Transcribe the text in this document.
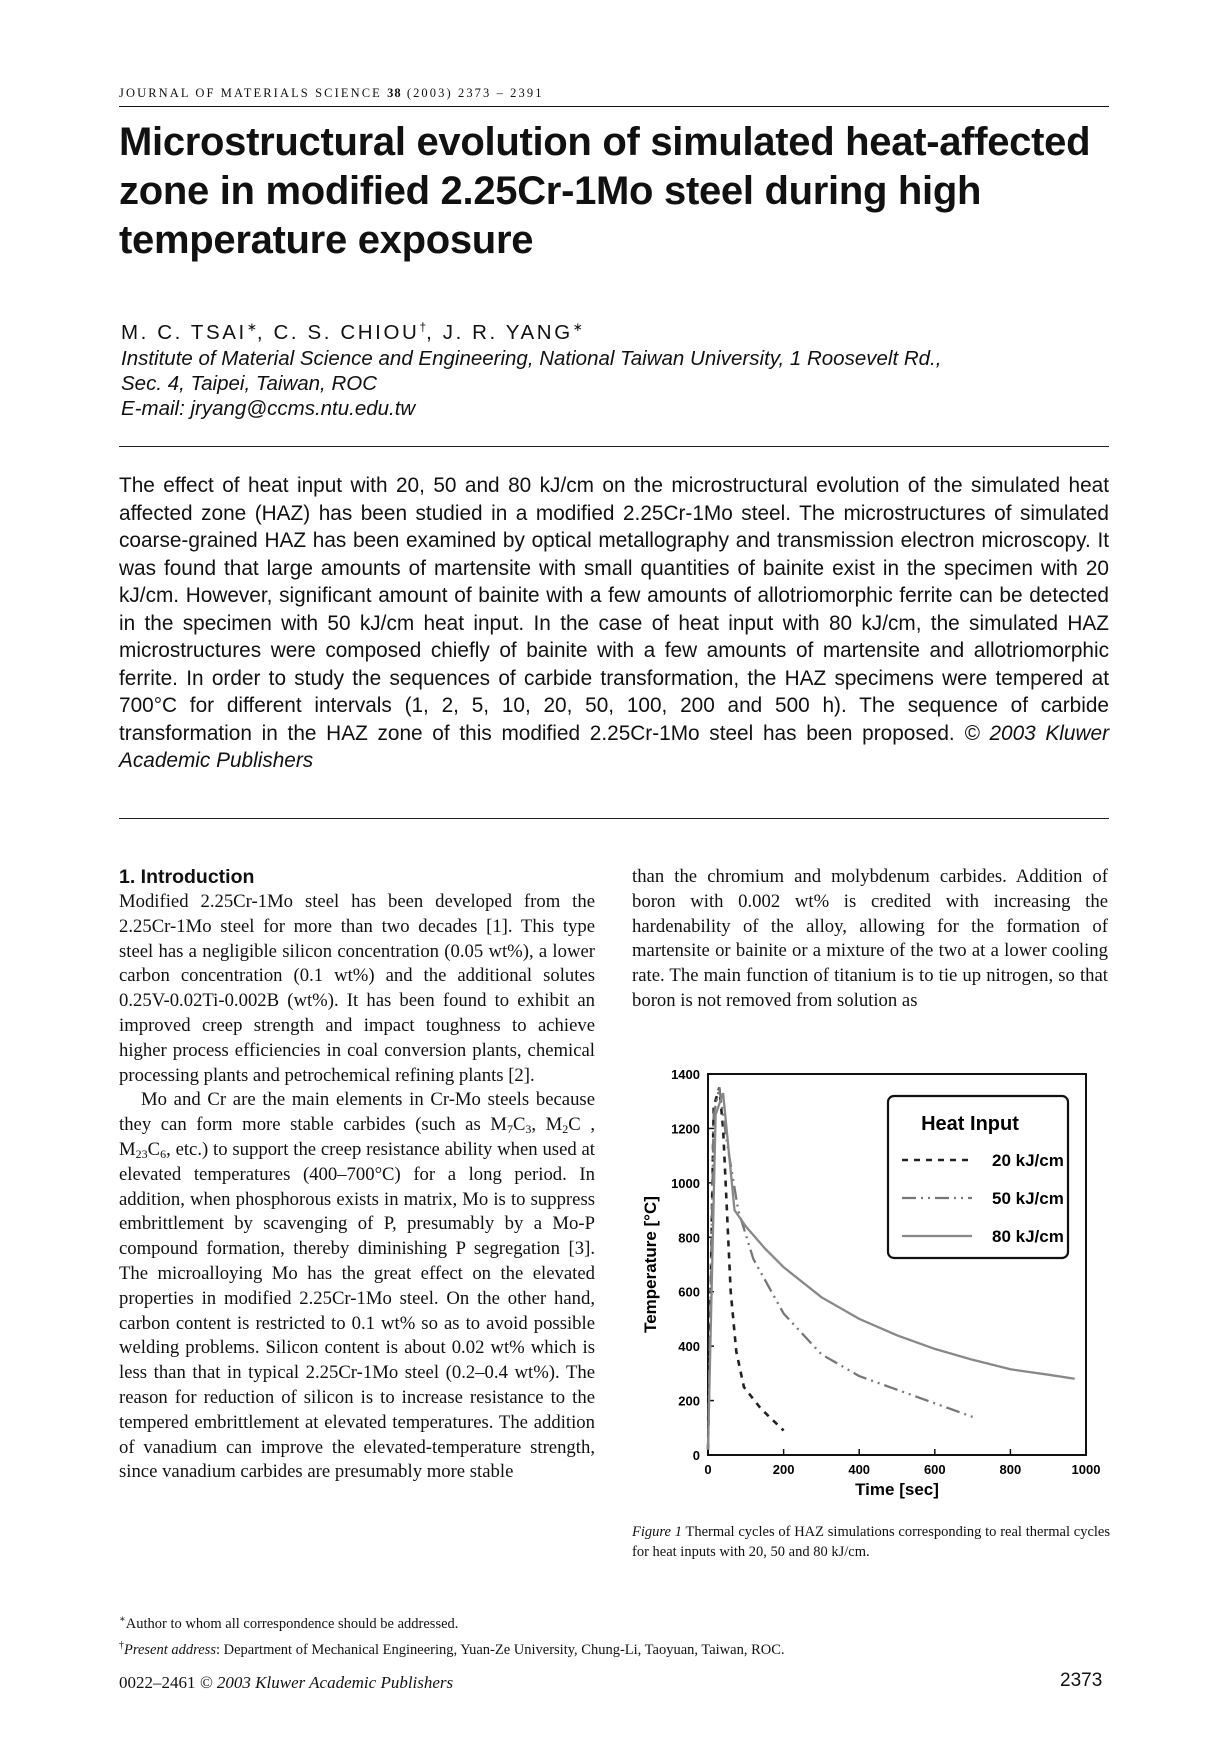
JOURNAL OF MATERIALS SCIENCE 38 (2003) 2373 – 2391
Microstructural evolution of simulated heat-affected zone in modified 2.25Cr-1Mo steel during high temperature exposure
M. C. TSAI∗, C. S. CHIOU†, J. R. YANG∗
Institute of Material Science and Engineering, National Taiwan University, 1 Roosevelt Rd.,
Sec. 4, Taipei, Taiwan, ROC
E-mail: jryang@ccms.ntu.edu.tw

The effect of heat input with 20, 50 and 80 kJ/cm on the microstructural evolution of the simulated heat affected zone (HAZ) has been studied in a modified 2.25Cr-1Mo steel. The microstructures of simulated coarse-grained HAZ has been examined by optical metallography and transmission electron microscopy. It was found that large amounts of martensite with small quantities of bainite exist in the specimen with 20 kJ/cm. However, significant amount of bainite with a few amounts of allotriomorphic ferrite can be detected in the specimen with 50 kJ/cm heat input. In the case of heat input with 80 kJ/cm, the simulated HAZ microstructures were composed chiefly of bainite with a few amounts of martensite and allotriomorphic ferrite. In order to study the sequences of carbide transformation, the HAZ specimens were tempered at 700°C for different intervals (1, 2, 5, 10, 20, 50, 100, 200 and 500 h). The sequence of carbide transformation in the HAZ zone of this modified 2.25Cr-1Mo steel has been proposed. © 2003 Kluwer Academic Publishers

1. Introduction

Modified 2.25Cr-1Mo steel has been developed from the 2.25Cr-1Mo steel for more than two decades [1]. This type steel has a negligible silicon concentration (0.05 wt%), a lower carbon concentration (0.1 wt%) and the additional solutes 0.25V-0.02Ti-0.002B (wt%). It has been found to exhibit an improved creep strength and impact toughness to achieve higher process efficiencies in coal conversion plants, chemical processing plants and petrochemical refining plants [2].

Mo and Cr are the main elements in Cr-Mo steels because they can form more stable carbides (such as $M_7C_3$, $M_2C$ , $M_{23}C_6$, etc.) to support the creep resistance ability when used at elevated temperatures (400–700°C) for a long period. In addition, when phosphorous exists in matrix, Mo is to suppress embrittlement by scavenging of P, presumably by a Mo-P compound formation, thereby diminishing P segregation [3]. The microalloying Mo has the great effect on the elevated properties in modified 2.25Cr-1Mo steel. On the other hand, carbon content is restricted to 0.1 wt% so as to avoid possible welding problems. Silicon content is about 0.02 wt% which is less than that in typical 2.25Cr-1Mo steel (0.2–0.4 wt%). The reason for reduction of silicon is to increase resistance to the tempered embrittlement at elevated temperatures. The addition of vanadium can improve the elevated-temperature strength, since vanadium carbides are presumably more stable

than the chromium and molybdenum carbides. Addition of boron with 0.002 wt% is credited with increasing the hardenability of the alloy, allowing for the formation of martensite or bainite or a mixture of the two at a lower cooling rate. The main function of titanium is to tie up nitrogen, so that boron is not removed from solution as

0	200	400	600	800	1000
0
200
400
600
800
1000
1200
1400
Time [sec]
Temperature [°C]
Heat Input
20 kJ/cm
50 kJ/cm
80 kJ/cm

Figure 1 Thermal cycles of HAZ simulations corresponding to real thermal cycles for heat inputs with 20, 50 and 80 kJ/cm.

∗Author to whom all correspondence should be addressed.
†Present address: Department of Mechanical Engineering, Yuan-Ze University, Chung-Li, Taoyuan, Taiwan, ROC.
0022–2461 © 2003 Kluwer Academic Publishers	2373
